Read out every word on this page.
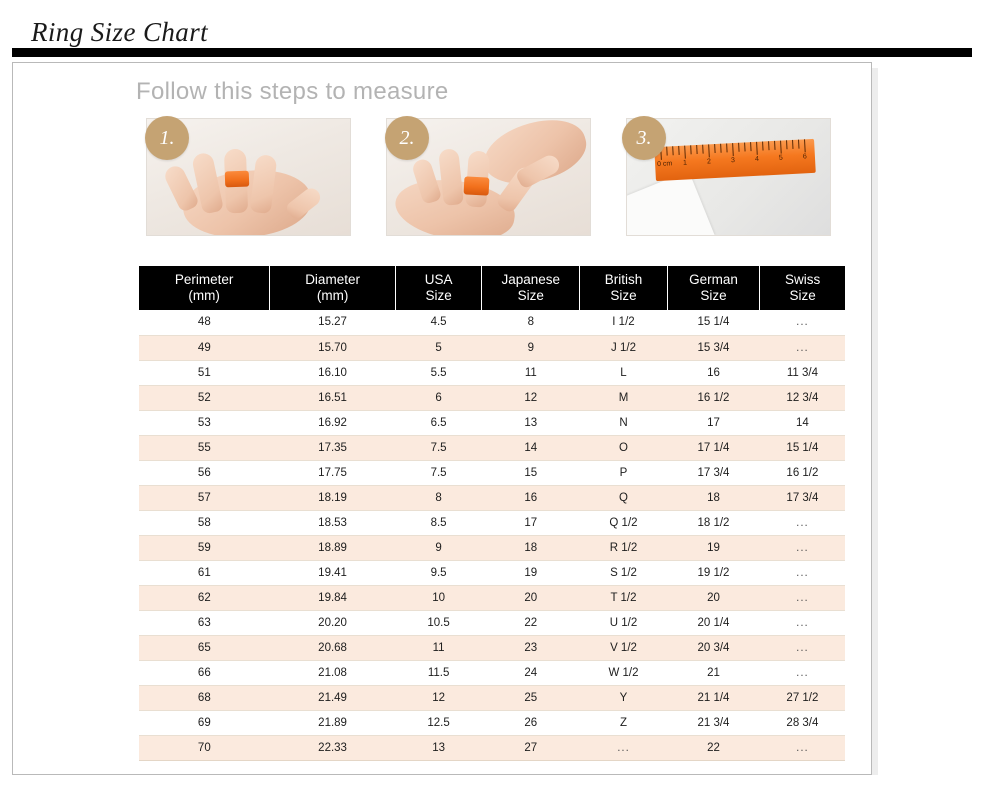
Ring Size Chart
Follow this steps to measure
0 cm 1	2	3	4	5	6
1.	2.	3.
Perimeter
(mm)

Diameter
(mm)

USA
Size

Japanese
Size

British
Size

German
Size

Swiss
Size

48	15.27	4.5	8	I 1/2	15 1/4	...
49	15.70	5	9	J 1/2	15 3/4	...
51	16.10	5.5	11	L	16	11 3/4
52	16.51	6	12	M	16 1/2	12 3/4
53	16.92	6.5	13	N	17	14
55	17.35	7.5	14	O	17 1/4	15 1/4
56	17.75	7.5	15	P	17 3/4	16 1/2
57	18.19	8	16	Q	18	17 3/4
58	18.53	8.5	17	Q 1/2	18 1/2	...
59	18.89	9	18	R 1/2	19	...
61	19.41	9.5	19	S 1/2	19 1/2	...
62	19.84	10	20	T 1/2	20	...
63	20.20	10.5	22	U 1/2	20 1/4	...
65	20.68	11	23	V 1/2	20 3/4	...
66	21.08	11.5	24	W 1/2	21	...
68	21.49	12	25	Y	21 1/4	27 1/2
69	21.89	12.5	26	Z	21 3/4	28 3/4
70	22.33	13	27	...	22	...
